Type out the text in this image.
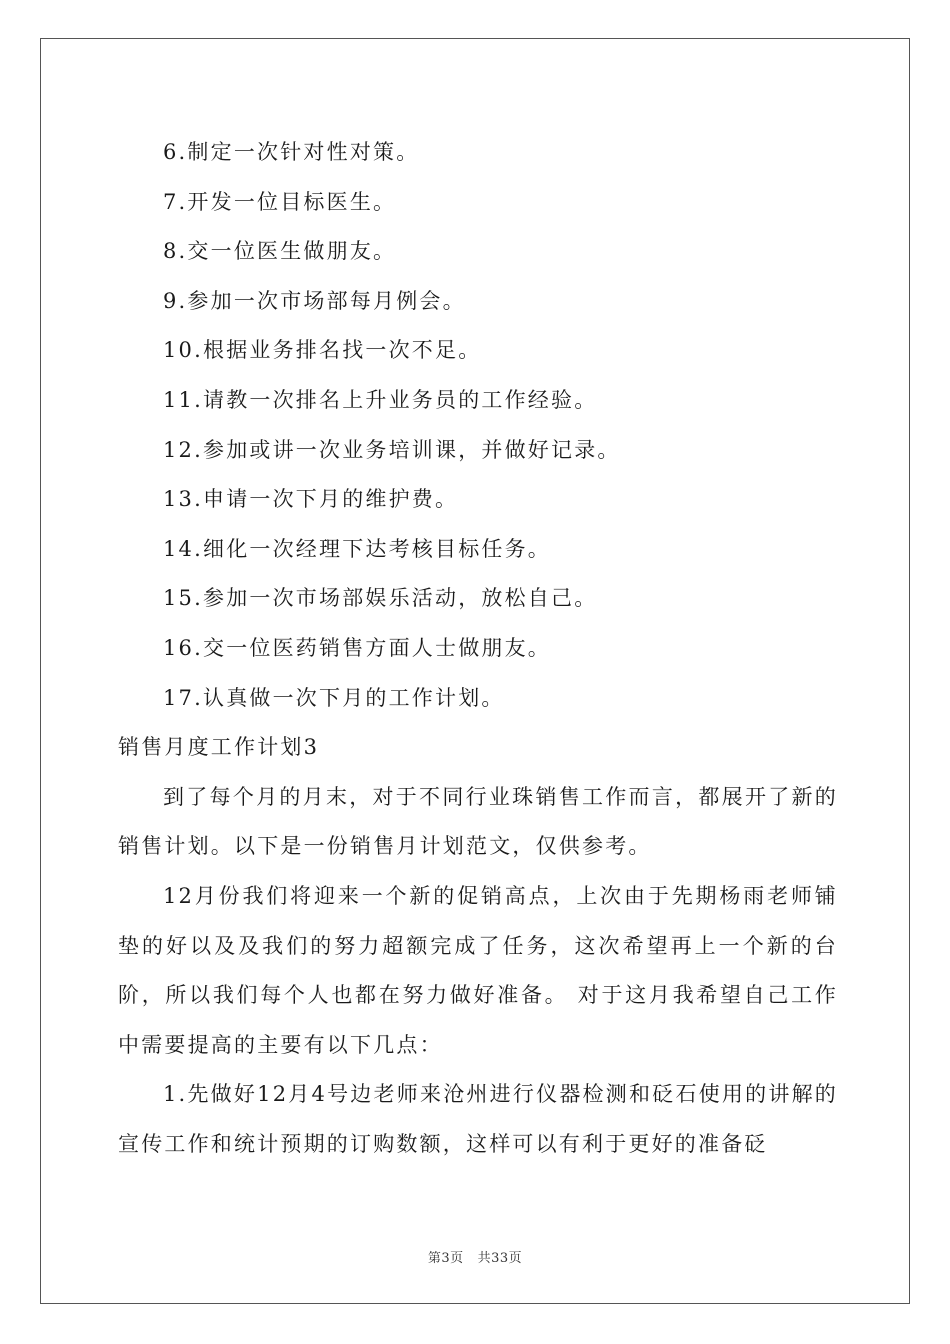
6.制定一次针对性对策。

7.开发一位目标医生。

8.交一位医生做朋友。

9.参加一次市场部每月例会。

10.根据业务排名找一次不足。

11.请教一次排名上升业务员的工作经验。

12.参加或讲一次业务培训课，并做好记录。

13.申请一次下月的维护费。

14.细化一次经理下达考核目标任务。

15.参加一次市场部娱乐活动，放松自己。

16.交一位医药销售方面人士做朋友。

17.认真做一次下月的工作计划。

销售月度工作计划3

到了每个月的月末，对于不同行业珠销售工作而言，都展开了新的销售计划。以下是一份销售月计划范文，仅供参考。

12月份我们将迎来一个新的促销高点，上次由于先期杨雨老师铺垫的好以及及我们的努力超额完成了任务，这次希望再上一个新的台阶，所以我们每个人也都在努力做好准备。 对于这月我希望自己工作中需要提高的主要有以下几点：

1.先做好12月4号边老师来沧州进行仪器检测和砭石使用的讲解的宣传工作和统计预期的订购数额，这样可以有利于更好的准备砭

第3页 共33页
